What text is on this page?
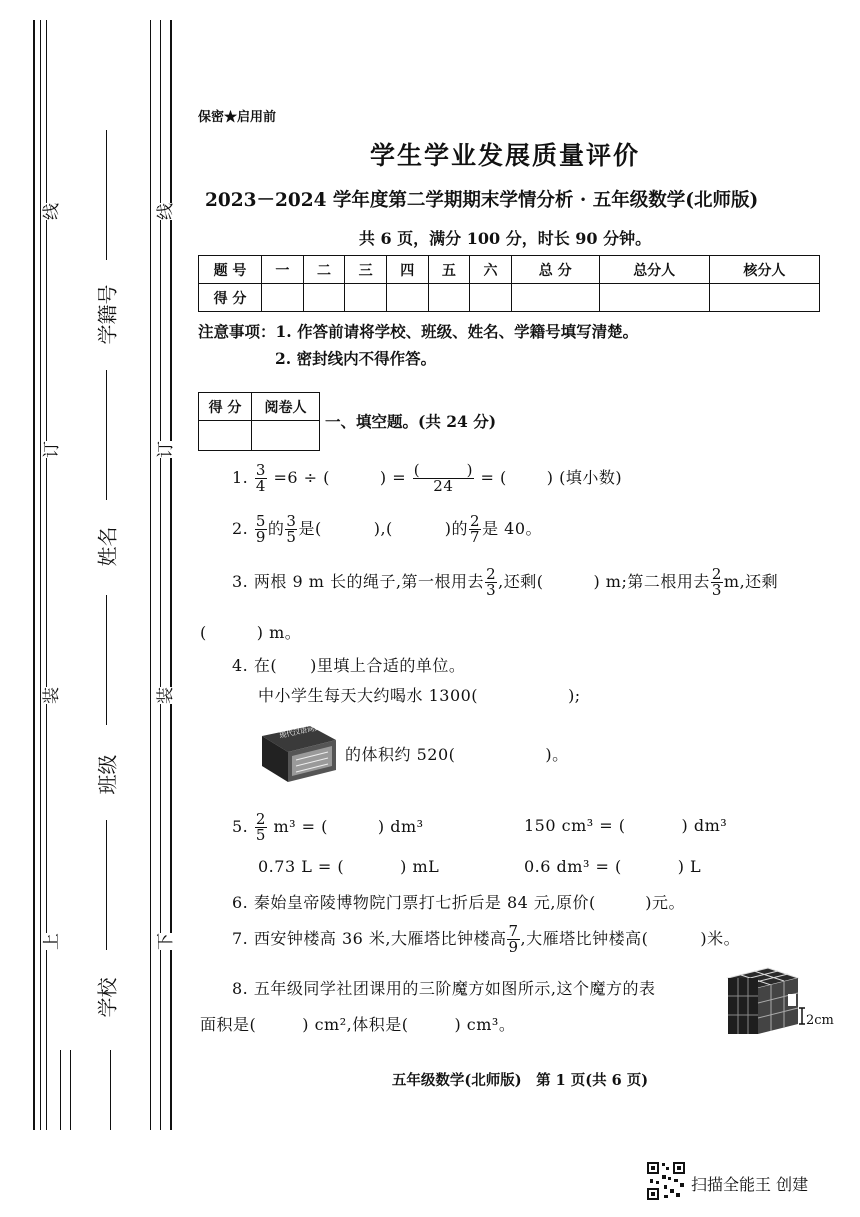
线
订
装
上
线
订
装
下
学籍号
姓名
班级
学校
保密★启用前
学生学业发展质量评价
2023－2024 学年度第二学期期末学情分析 · 五年级数学(北师版)
共 6 页，满分 100 分，时长 90 分钟。
题 号	一	二	三	四	五	六	总 分	总分人	核分人
得 分									
注意事项：1. 作答前请将学校、班级、姓名、学籍号填写清楚。
2. 密封线内不得作答。
得 分	阅卷人

一、填空题。(共 24 分)
1. $\frac{3}{4} =6$ ÷ (	) = $\frac{( )}{24}$ = (	) (填小数)
2. $\frac{5}{9}$ 的 $\frac{3}{5}$ 是(	),(	)的 $\frac{2}{7}$ 是 40。
3. 两根 9 m 长的绳子,第一根用去 $\frac{2}{3}$ ,还剩(	) m;第二根用去 $\frac{2}{3} m$,还剩
(	) m。
4. 在(　　)里填上合适的单位。
中小学生每天大约喝水 1300(	);
现代汉语词典
的体积约 520(	)。
5. $\frac{2}{5} m^3$ = (	) dm³	150 cm³ = (	) dm³
0.73 L = (	) mL	0.6 dm³ = (	) L
6. 秦始皇帝陵博物院门票打七折后是 84 元,原价(　　　)元。
7. 西安钟楼高 36 米,大雁塔比钟楼高 $\frac{7}{9}$ ,大雁塔比钟楼高(	)米。
8. 五年级同学社团课用的三阶魔方如图所示,这个魔方的表
面积是(	) cm²,体积是(	) cm³。	2cm
五年级数学(北师版)　第 1 页(共 6 页)
扫描全能王 创建
